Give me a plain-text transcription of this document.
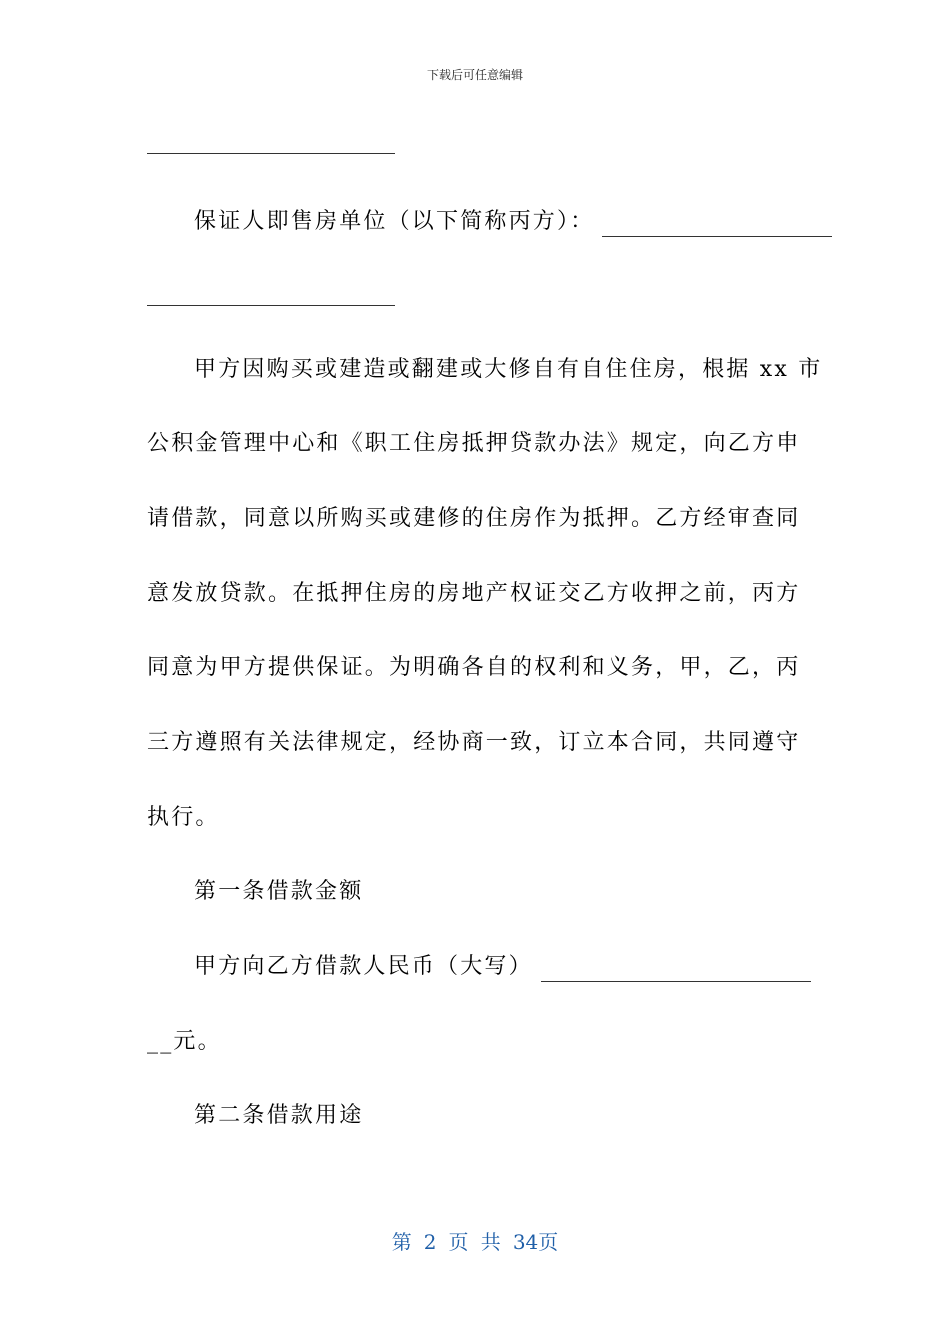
下载后可任意编辑
保证人即售房单位（以下简称丙方）：
甲方因购买或建造或翻建或大修自有自住住房，根据 xx 市
公积金管理中心和《职工住房抵押贷款办法》规定，向乙方申
请借款，同意以所购买或建修的住房作为抵押。乙方经审查同
意发放贷款。在抵押住房的房地产权证交乙方收押之前，丙方
同意为甲方提供保证。为明确各自的权利和义务，甲，乙，丙
三方遵照有关法律规定，经协商一致，订立本合同，共同遵守
执行。
第一条借款金额
甲方向乙方借款人民币（大写）
__元。
第二条借款用途
第 2 页 共 34页
